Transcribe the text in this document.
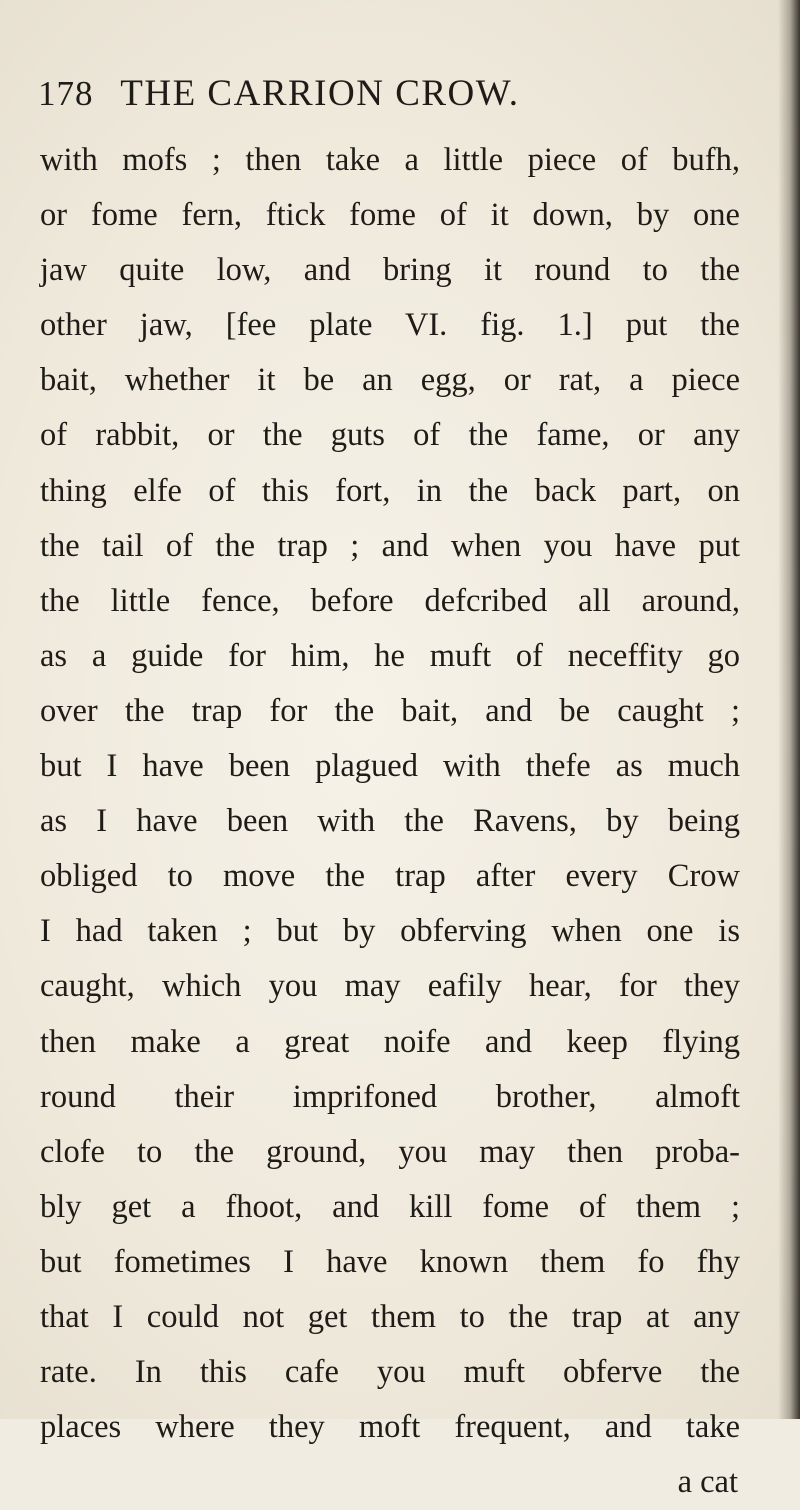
178 THE CARRION CROW.
with mofs ; then take a little piece of bufh,
or fome fern, ftick fome of it down, by one
jaw quite low, and bring it round to the
other jaw, [fee plate VI. fig. 1.] put the
bait, whether it be an egg, or rat, a piece
of rabbit, or the guts of the fame, or any
thing elfe of this fort, in the back part, on
the tail of the trap ; and when you have put
the little fence, before defcribed all around,
as a guide for him, he muft of neceffity go
over the trap for the bait, and be caught ;
but I have been plagued with thefe as much
as I have been with the Ravens, by being
obliged to move the trap after every Crow
I had taken ; but by obferving when one is
caught, which you may eafily hear, for they
then make a great noife and keep flying
round their imprifoned brother, almoft
clofe to the ground, you may then proba-
bly get a fhoot, and kill fome of them ;
but fometimes I have known them fo fhy
that I could not get them to the trap at any
rate. In this cafe you muft obferve the
places where they moft frequent, and take
a cat
